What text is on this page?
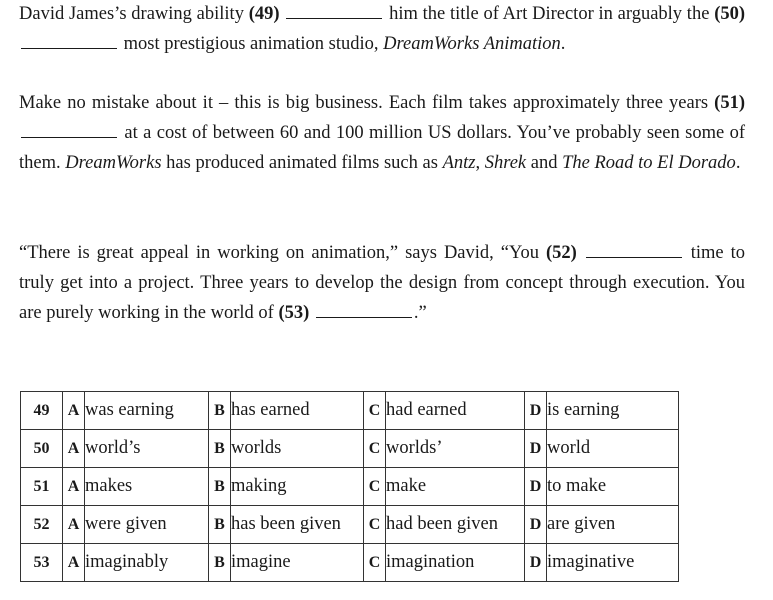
David James’s drawing ability (49)	him the title of Art Director in arguably the (50)  most prestigious animation studio, DreamWorks Animation.

Make no mistake about it – this is big business. Each film takes approximately three years (51)  at a cost of between 60 and 100 million US dollars. You’ve probably seen some of them. DreamWorks has produced animated films such as Antz, Shrek and The Road to El Dorado.

“There is great appeal in working on animation,” says David, “You (52)	time to truly get into a project. Three years to develop the design from concept through execution. You are purely working in the world of (53)	.”

49	A	was earning	B	has earned	C	had earned	D	is earning
50	A	world’s	B	worlds	C	worlds’	D	world
51	A	makes	B	making	C	make	D	to make
52	A	were given	B	has been given	C	had been given	D	are given
53	A	imaginably	B	imagine	C	imagination	D	imaginative
